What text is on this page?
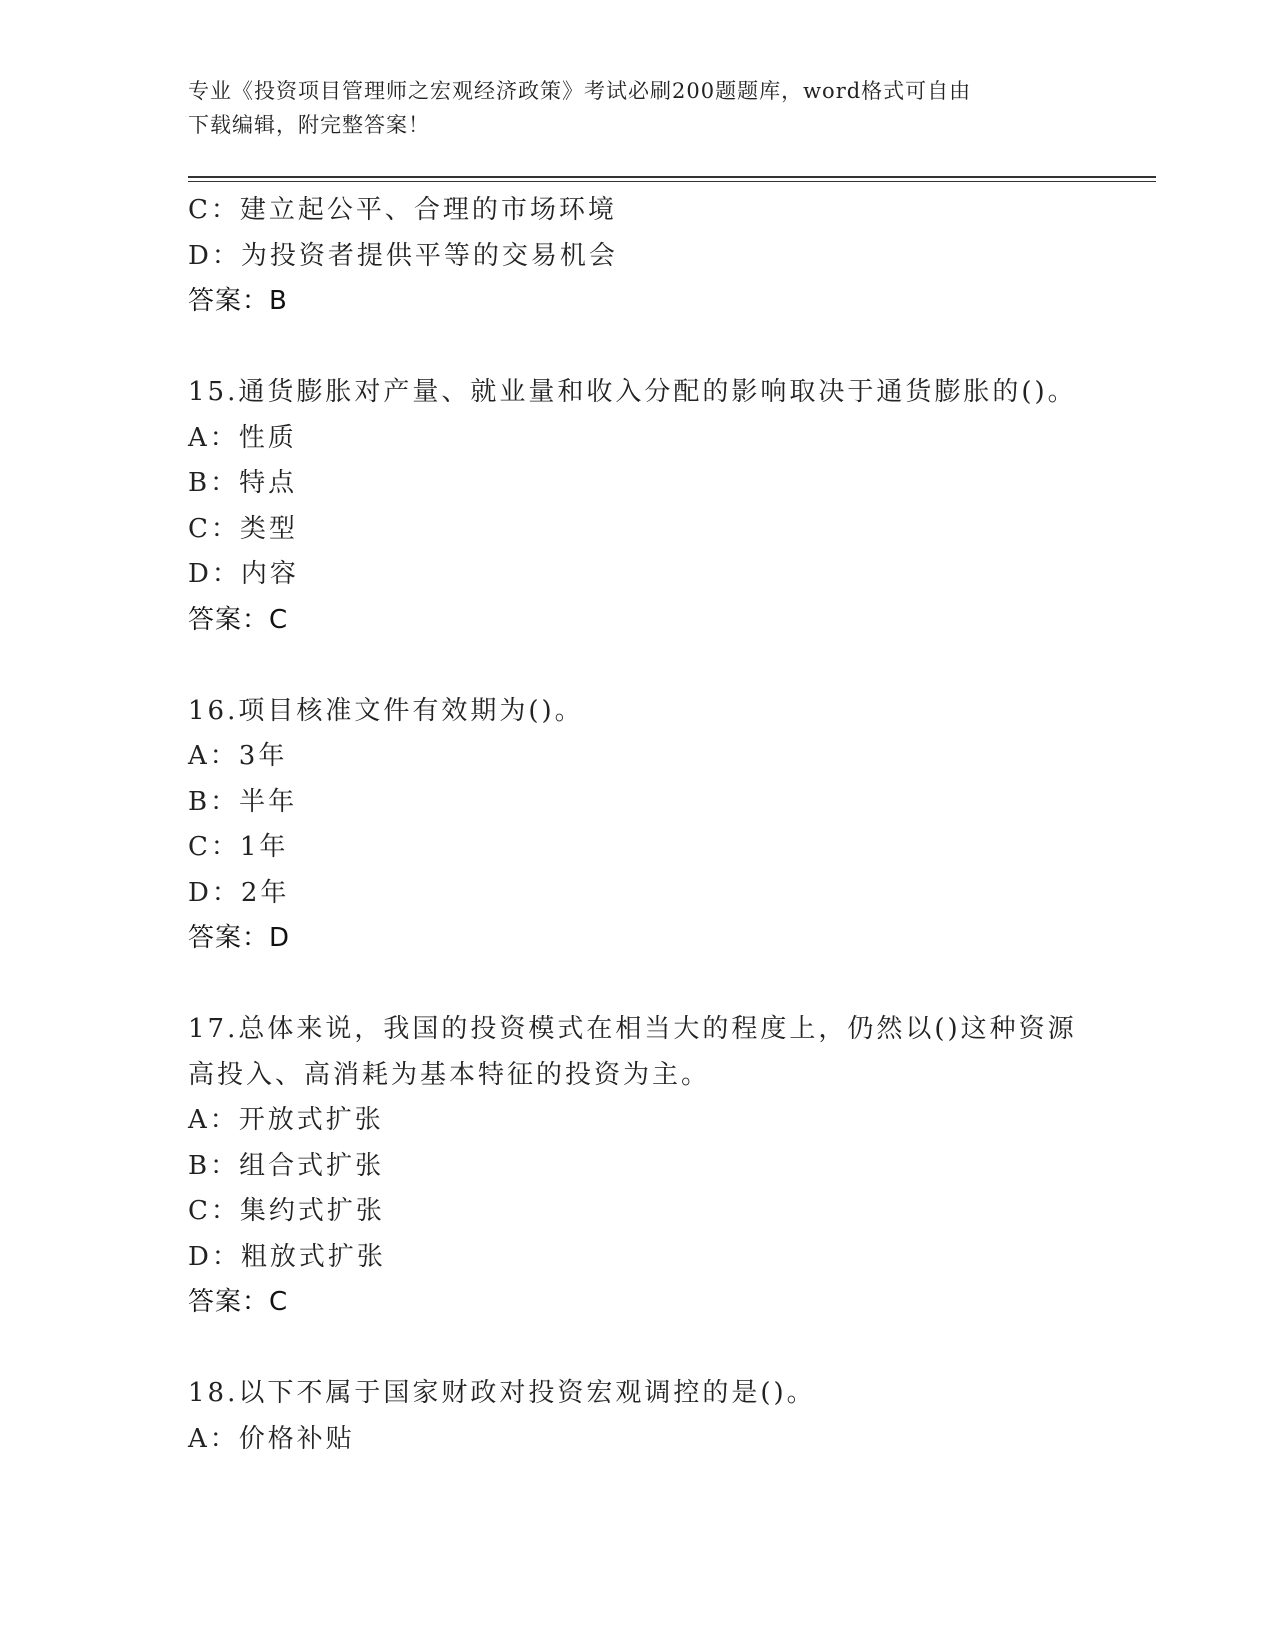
专业《投资项目管理师之宏观经济政策》考试必刷200题题库，word格式可自由
下载编辑，附完整答案！
C：建立起公平、合理的市场环境
D：为投资者提供平等的交易机会
答案：B
15.通货膨胀对产量、就业量和收入分配的影响取决于通货膨胀的()。
A：性质
B：特点
C：类型
D：内容
答案：C
16.项目核准文件有效期为()。
A：3年
B：半年
C：1年
D：2年
答案：D
17.总体来说，我国的投资模式在相当大的程度上，仍然以()这种资源
高投入、高消耗为基本特征的投资为主。
A：开放式扩张
B：组合式扩张
C：集约式扩张
D：粗放式扩张
答案：C
18.以下不属于国家财政对投资宏观调控的是()。
A：价格补贴
